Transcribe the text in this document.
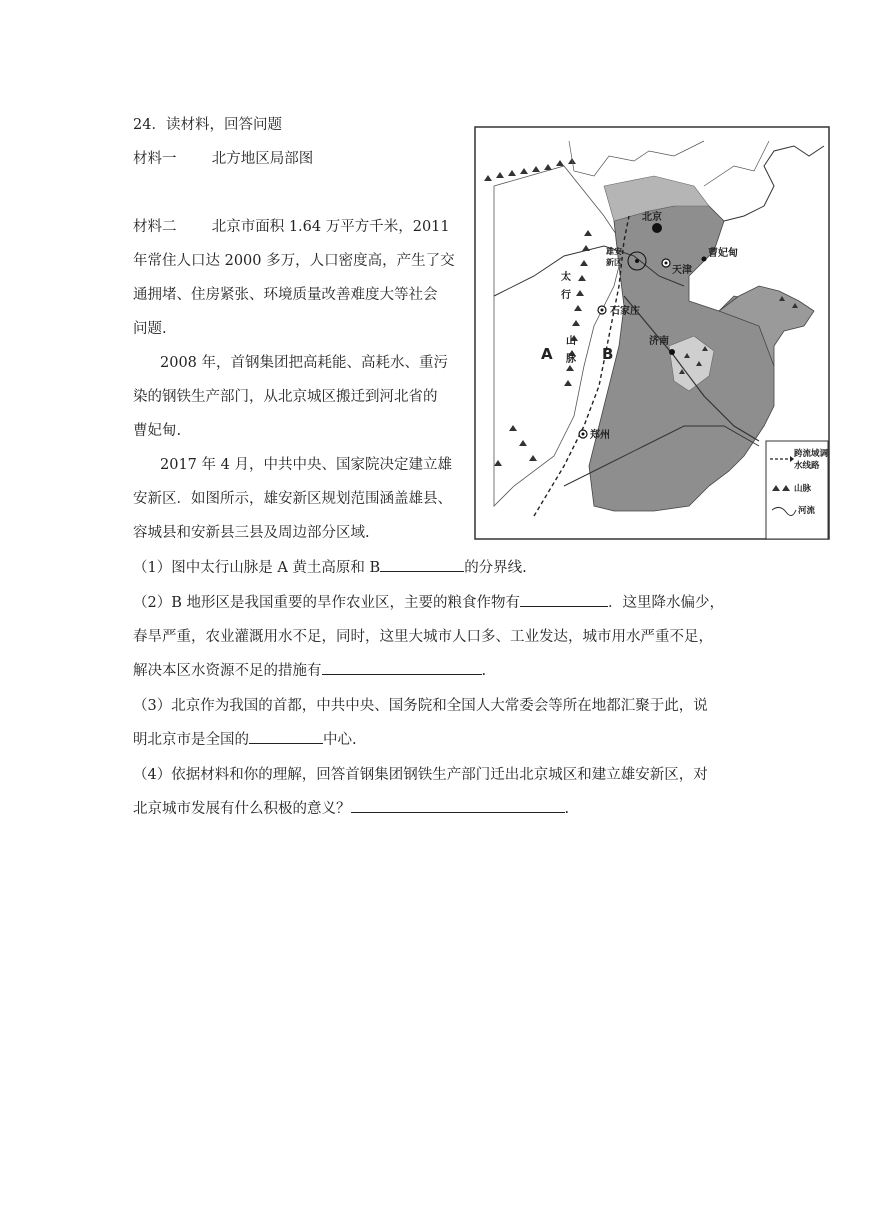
24．读材料，回答问题
材料一 北方地区局部图
材料二 北京市面积 1.64 万平方千米，2011
年常住人口达 2000 多万，人口密度高，产生了交
通拥堵、住房紧张、环境质量改善难度大等社会
问题.
2008 年，首钢集团把高耗能、高耗水、重污
染的钢铁生产部门，从北京城区搬迁到河北省的
曹妃甸.
2017 年 4 月，中共中央、国家院决定建立雄
安新区．如图所示，雄安新区规划范围涵盖雄县、
容城县和安新县三县及周边部分区域.
（1）图中太行山脉是 A 黄土高原和 B	的分界线.
（2）B 地形区是我国重要的旱作农业区，主要的粮食作物有	．这里降水偏少，
春旱严重，农业灌溉用水不足，同时，这里大城市人口多、工业发达，城市用水严重不足，
解决本区水资源不足的措施有	.
（3）北京作为我国的首都，中共中央、国务院和全国人大常委会等所在地都汇聚于此，说
明北京市是全国的	中心.
（4）依据材料和你的理解，回答首钢集团钢铁生产部门迁出北京城区和建立雄安新区，对
北京城市发展有什么积极的意义？	.
北京
雄安
新区
天津
曹妃甸
石家庄
济南
郑州
太
行
山
脉
A	B
跨流域调
水线路
山脉
河流
